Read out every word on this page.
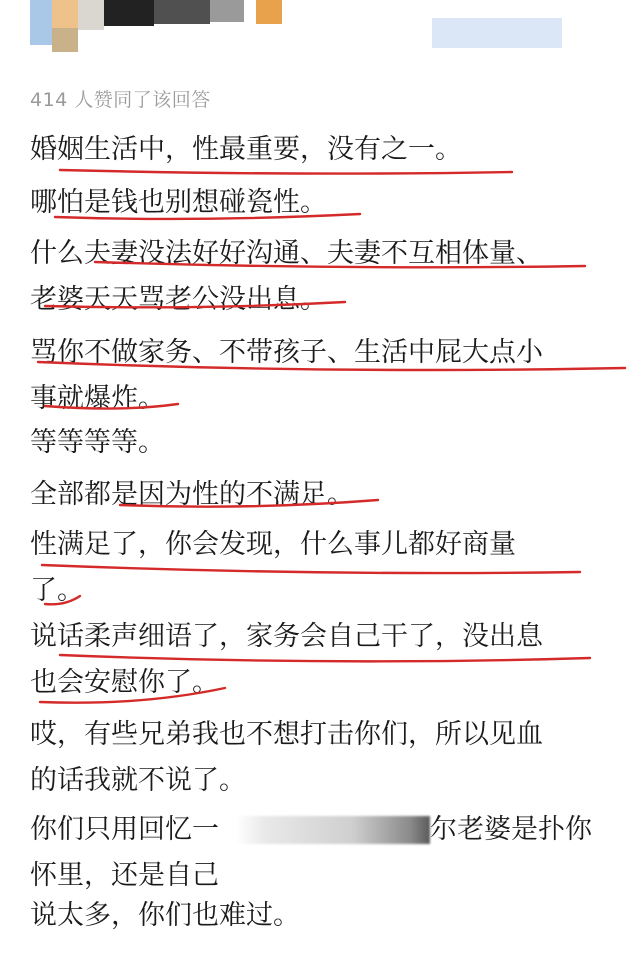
414 人赞同了该回答
婚姻生活中，性最重要，没有之一。
哪怕是钱也别想碰瓷性。
什么夫妻没法好好沟通、夫妻不互相体量、
老婆天天骂老公没出息。
骂你不做家务、不带孩子、生活中屁大点小
事就爆炸。
等等等等。
全部都是因为性的不满足。
性满足了，你会发现，什么事儿都好商量
了。
说话柔声细语了，家务会自己干了，没出息
也会安慰你了。
哎，有些兄弟我也不想打击你们，所以见血
的话我就不说了。
你们只用回忆一
怀里，还是自己
尔老婆是扑你
说太多，你们也难过。
